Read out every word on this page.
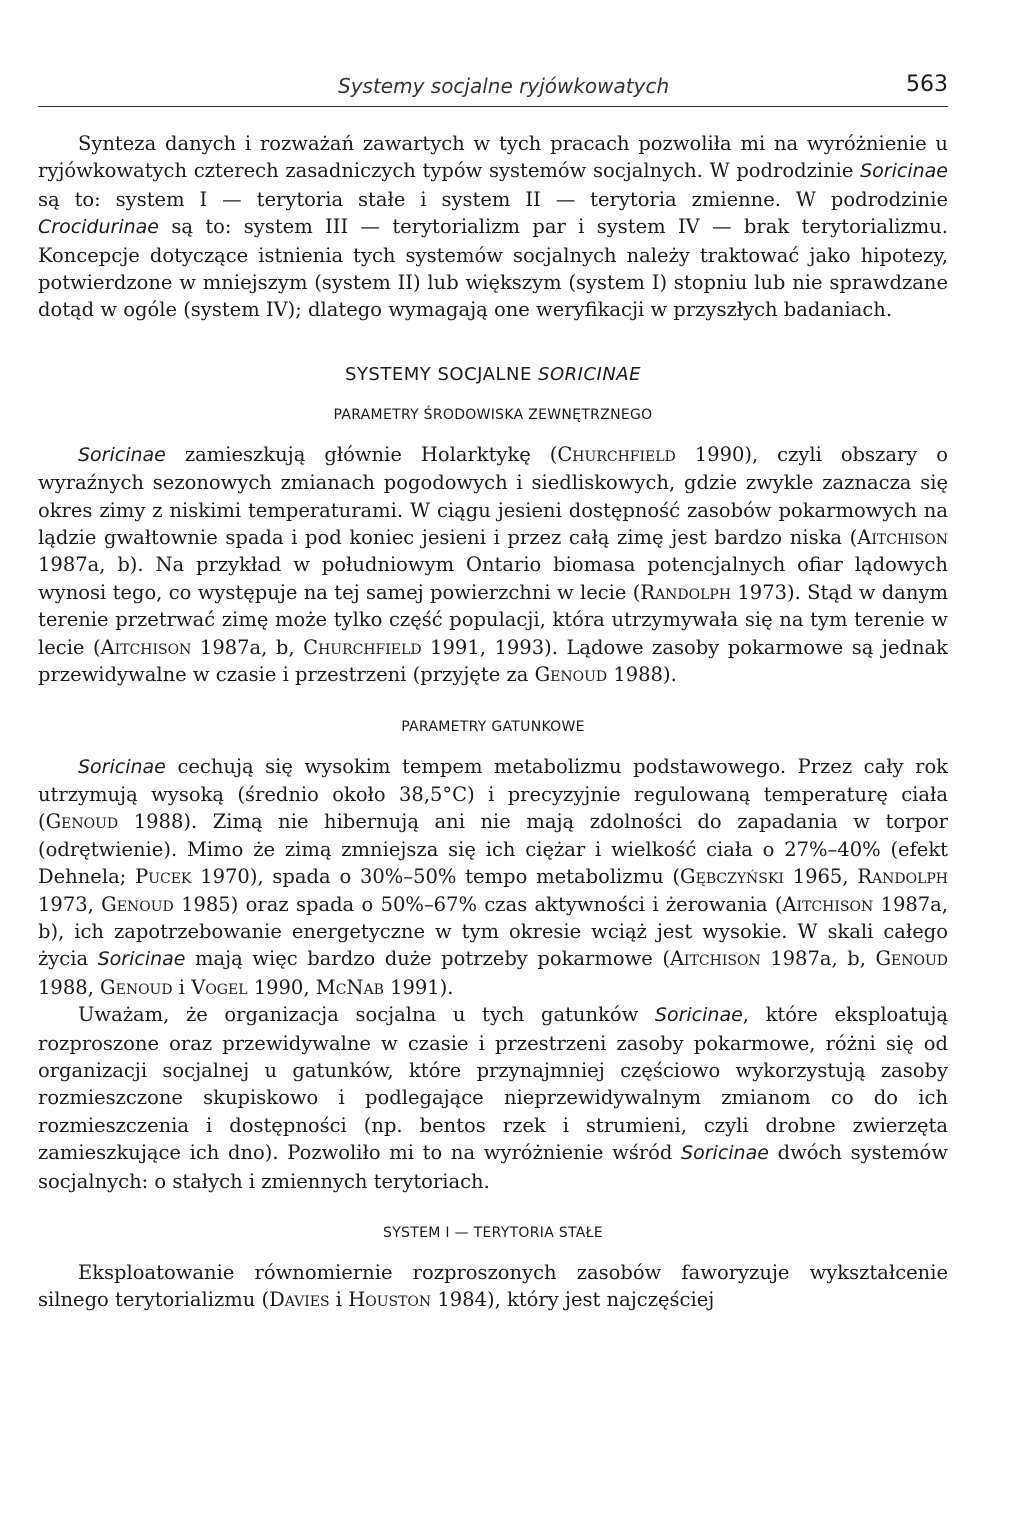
Systemy socjalne ryjówkowatych	563

Synteza danych i rozważań zawartych w tych pracach pozwoliła mi na wyróżnienie u ryjówkowatych czterech zasadniczych typów systemów socjalnych. W podrodzinie Soricinae są to: system I — terytoria stałe i system II — terytoria zmienne. W podrodzinie Crocidurinae są to: system III — terytorializm par i system IV — brak terytorializmu. Koncepcje dotyczące istnienia tych systemów socjalnych należy traktować jako hipotezy, potwierdzone w mniejszym (system II) lub większym (system I) stopniu lub nie sprawdzane dotąd w ogóle (system IV); dlatego wymagają one weryfikacji w przyszłych badaniach.

SYSTEMY SOCJALNE SORICINAE
PARAMETRY ŚRODOWISKA ZEWNĘTRZNEGO

Soricinae zamieszkują głównie Holarktykę (Churchfield 1990), czyli obszary o wyraźnych sezonowych zmianach pogodowych i siedliskowych, gdzie zwykle zaznacza się okres zimy z niskimi temperaturami. W ciągu jesieni dostępność zasobów pokarmowych na lądzie gwałtownie spada i pod koniec jesieni i przez całą zimę jest bardzo niska (Aitchison 1987a, b). Na przykład w południowym Ontario biomasa potencjalnych ofiar lądowych wynosi tego, co występuje na tej samej powierzchni w lecie (Randolph 1973). Stąd w danym terenie przetrwać zimę może tylko część populacji, która utrzymywała się na tym terenie w lecie (Aitchison 1987a, b, Churchfield 1991, 1993). Lądowe zasoby pokarmowe są jednak przewidywalne w czasie i przestrzeni (przyjęte za Genoud 1988).

PARAMETRY GATUNKOWE

Soricinae cechują się wysokim tempem metabolizmu podstawowego. Przez cały rok utrzymują wysoką (średnio około 38,5°C) i precyzyjnie regulowaną temperaturę ciała (Genoud 1988). Zimą nie hibernują ani nie mają zdolności do zapadania w torpor (odrętwienie). Mimo że zimą zmniejsza się ich ciężar i wielkość ciała o 27%–40% (efekt Dehnela; Pucek 1970), spada o 30%–50% tempo metabolizmu (Gębczyński 1965, Randolph 1973, Genoud 1985) oraz spada o 50%–67% czas aktywności i żerowania (Aitchison 1987a, b), ich zapotrzebowanie energetyczne w tym okresie wciąż jest wysokie. W skali całego życia Soricinae mają więc bardzo duże potrzeby pokarmowe (Aitchison 1987a, b, Genoud 1988, Genoud i Vogel 1990, McNab 1991).

Uważam, że organizacja socjalna u tych gatunków Soricinae, które eksploatują rozproszone oraz przewidywalne w czasie i przestrzeni zasoby pokarmowe, różni się od organizacji socjalnej u gatunków, które przynajmniej częściowo wykorzystują zasoby rozmieszczone skupiskowo i podlegające nieprzewidywalnym zmianom co do ich rozmieszczenia i dostępności (np. bentos rzek i strumieni, czyli drobne zwierzęta zamieszkujące ich dno). Pozwoliło mi to na wyróżnienie wśród Soricinae dwóch systemów socjalnych: o stałych i zmiennych terytoriach.

SYSTEM I — TERYTORIA STAŁE

Eksploatowanie równomiernie rozproszonych zasobów faworyzuje wykształcenie silnego terytorializmu (Davies i Houston 1984), który jest najczęściej
